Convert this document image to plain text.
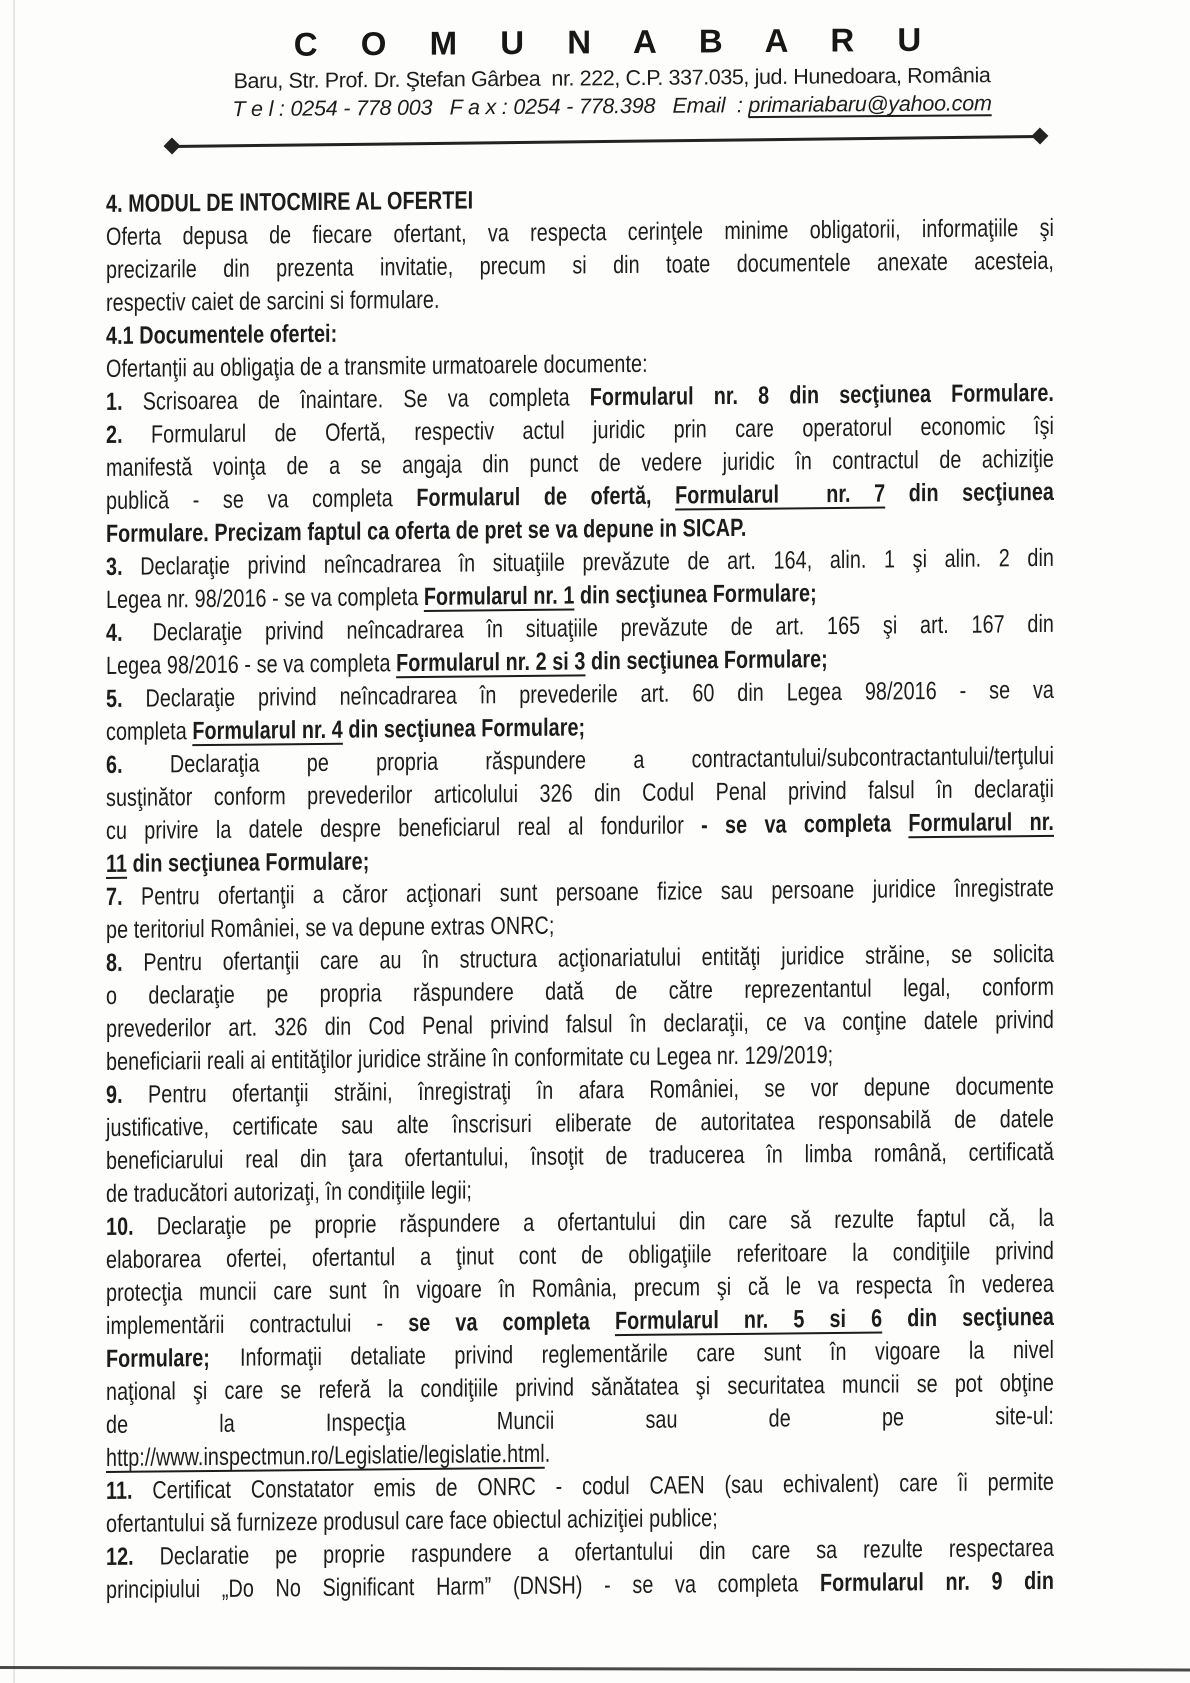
C O M U N A B A R U
Baru, Str. Prof. Dr. Ştefan Gârbea  nr. 222, C.P. 337.035, jud. Hunedoara, România
T e l : 0254 - 778 003   F a x : 0254 - 778.398   Email  : primariabaru@yahoo.com
4. MODUL DE INTOCMIRE AL OFERTEI
Oferta depusa de fiecare ofertant, va respecta cerinţele minime obligatorii, informaţiile şi
precizarile din prezenta invitatie, precum si din toate documentele anexate acesteia,
respectiv caiet de sarcini si formulare.
4.1 Documentele ofertei:
Ofertanţii au obligaţia de a transmite urmatoarele documente:
1. Scrisoarea de înaintare. Se va completa Formularul nr. 8 din secţiunea Formulare.
2. Formularul de Ofertă, respectiv actul juridic prin care operatorul economic îşi
manifestă voinţa de a se angaja din punct de vedere juridic în contractul de achiziţie
publică - se va completa Formularul de ofertă, Formularul  nr. 7 din secţiunea
Formulare. Precizam faptul ca oferta de pret se va depune in SICAP.
3. Declaraţie privind neîncadrarea în situaţiile prevăzute de art. 164, alin. 1 şi alin. 2 din
Legea nr. 98/2016 - se va completa Formularul nr. 1 din secţiunea Formulare;
4. Declaraţie privind neîncadrarea în situaţiile prevăzute de art. 165 şi art. 167 din
Legea 98/2016 - se va completa Formularul nr. 2 si 3 din secţiunea Formulare;
5. Declaraţie privind neîncadrarea în prevederile art. 60 din Legea 98/2016 - se va
completa Formularul nr. 4 din secţiunea Formulare;
6. Declaraţia pe propria răspundere a contractantului/subcontractantului/terţului
susţinător conform prevederilor articolului 326 din Codul Penal privind falsul în declaraţii
cu privire la datele despre beneficiarul real al fondurilor - se va completa Formularul nr.
11 din secţiunea Formulare;
7. Pentru ofertanţii a căror acţionari sunt persoane fizice sau persoane juridice înregistrate
pe teritoriul României, se va depune extras ONRC;
8. Pentru ofertanţii care au în structura acţionariatului entităţi juridice străine, se solicita
o declaraţie pe propria răspundere dată de către reprezentantul legal, conform
prevederilor art. 326 din Cod Penal privind falsul în declaraţii, ce va conţine datele privind
beneficiarii reali ai entităţilor juridice străine în conformitate cu Legea nr. 129/2019;
9. Pentru ofertanţii străini, înregistraţi în afara României, se vor depune documente
justificative, certificate sau alte înscrisuri eliberate de autoritatea responsabilă de datele
beneficiarului real din ţara ofertantului, însoţit de traducerea în limba română, certificată
de traducători autorizaţi, în condiţiile legii;
10. Declaraţie pe proprie răspundere a ofertantului din care să rezulte faptul că, la
elaborarea ofertei, ofertantul a ţinut cont de obligaţiile referitoare la condiţiile privind
protecţia muncii care sunt în vigoare în România, precum şi că le va respecta în vederea
implementării contractului - se va completa Formularul nr. 5 si 6 din secţiunea
Formulare; Informaţii detaliate privind reglementările care sunt în vigoare la nivel
naţional şi care se referă la condiţiile privind sănătatea şi securitatea muncii se pot obţine
de la Inspecţia Muncii sau de pe site-ul:
http://www.inspectmun.ro/Legislatie/legislatie.html.
11. Certificat Constatator emis de ONRC - codul CAEN (sau echivalent) care îi permite
ofertantului să furnizeze produsul care face obiectul achiziţiei publice;
12. Declaratie pe proprie raspundere a ofertantului din care sa rezulte respectarea
principiului „Do No Significant Harm” (DNSH) - se va completa Formularul nr. 9 din
